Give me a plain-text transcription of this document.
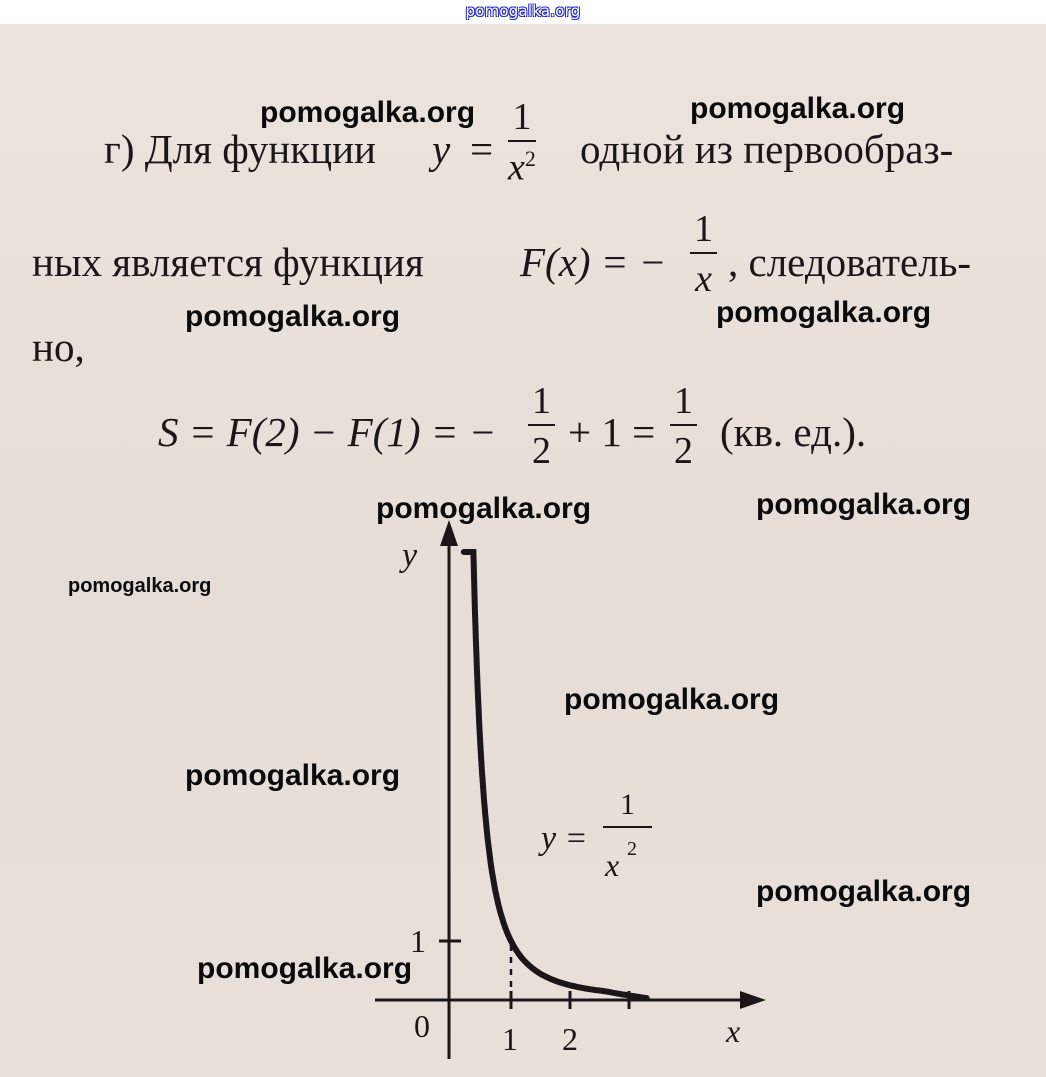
pomogalka.org
г) Для функции y =
1
$x^2$ одной из первообраз-
ных является функция F(x) = −
1
x , следователь-
но,
S = F(2) − F(1) = −
1
2 + 1 =
1
2 (кв. ед.).
y
x
0 1 2
1
y =
1
x 2
pomogalka.org	pomogalka.org
pomogalka.org	pomogalka.org
pomogalka.org	pomogalka.org
pomogalka.org
pomogalka.org
pomogalka.org
pomogalka.org
pomogalka.org
